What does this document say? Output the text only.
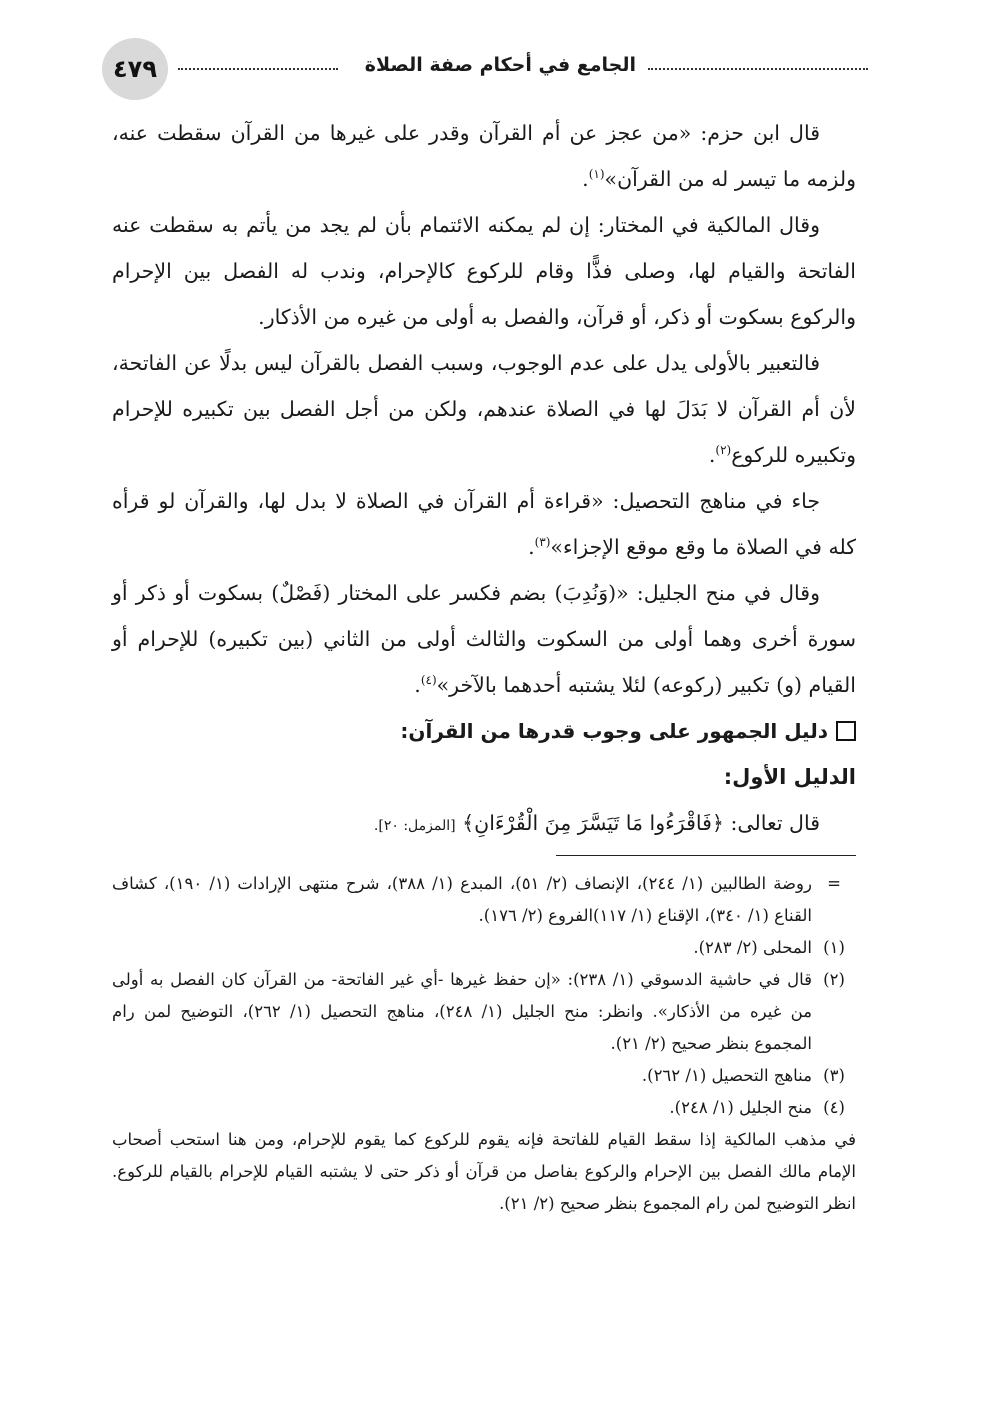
الجامع في أحكام صفة الصلاة
٤٧٩

قال ابن حزم: «من عجز عن أم القرآن وقدر على غيرها من القرآن سقطت عنه، ولزمه ما تيسر له من القرآن»$^{(١)}$.

وقال المالكية في المختار: إن لم يمكنه الائتمام بأن لم يجد من يأتم به سقطت عنه الفاتحة والقيام لها، وصلى فذًّا وقام للركوع كالإحرام، وندب له الفصل بين الإحرام والركوع بسكوت أو ذكر، أو قرآن، والفصل به أولى من غيره من الأذكار.

فالتعبير بالأولى يدل على عدم الوجوب، وسبب الفصل بالقرآن ليس بدلًا عن الفاتحة، لأن أم القرآن لا بَدَلَ لها في الصلاة عندهم، ولكن من أجل الفصل بين تكبيره للإحرام وتكبيره للركوع$^{(٢)}$.

جاء في مناهج التحصيل: «قراءة أم القرآن في الصلاة لا بدل لها، والقرآن لو قرأه كله في الصلاة ما وقع موقع الإجزاء»$^{(٣)}$.

وقال في منح الجليل: «(وَنُدِبَ) بضم فكسر على المختار (فَصْلٌ) بسكوت أو ذكر أو سورة أخرى وهما أولى من السكوت والثالث أولى من الثاني (بين تكبيره) للإحرام أو القيام (و) تكبير (ركوعه) لئلا يشتبه أحدهما بالآخر»$^{(٤)}$.

دليل الجمهور على وجوب قدرها من القرآن:
الدليل الأول:

قال تعالى: ﴿فَاقْرَءُوا مَا تَيَسَّرَ مِنَ الْقُرْءَانِ﴾ [المزمل: ٢٠].

=
روضة الطالبين (١/ ٢٤٤)، الإنصاف (٢/ ٥١)، المبدع (١/ ٣٨٨)، شرح منتهى الإرادات (١/ ١٩٠)، كشاف القناع (١/ ٣٤٠)، الإقناع (١/ ١١٧)الفروع (٢/ ١٧٦).
(١)
المحلى (٢/ ٢٨٣).
(٢)
قال في حاشية الدسوقي (١/ ٢٣٨): «إن حفظ غيرها -أي غير الفاتحة- من القرآن كان الفصل به أولى من غيره من الأذكار». وانظر: منح الجليل (١/ ٢٤٨)، مناهج التحصيل (١/ ٢٦٢)، التوضيح لمن رام المجموع بنظر صحيح (٢/ ٢١).
(٣)
مناهج التحصيل (١/ ٢٦٢).
(٤)
منح الجليل (١/ ٢٤٨).
في مذهب المالكية إذا سقط القيام للفاتحة فإنه يقوم للركوع كما يقوم للإحرام، ومن هنا استحب أصحاب الإمام مالك الفصل بين الإحرام والركوع بفاصل من قرآن أو ذكر حتى لا يشتبه القيام للإحرام بالقيام للركوع. انظر التوضيح لمن رام المجموع بنظر صحيح (٢/ ٢١).
